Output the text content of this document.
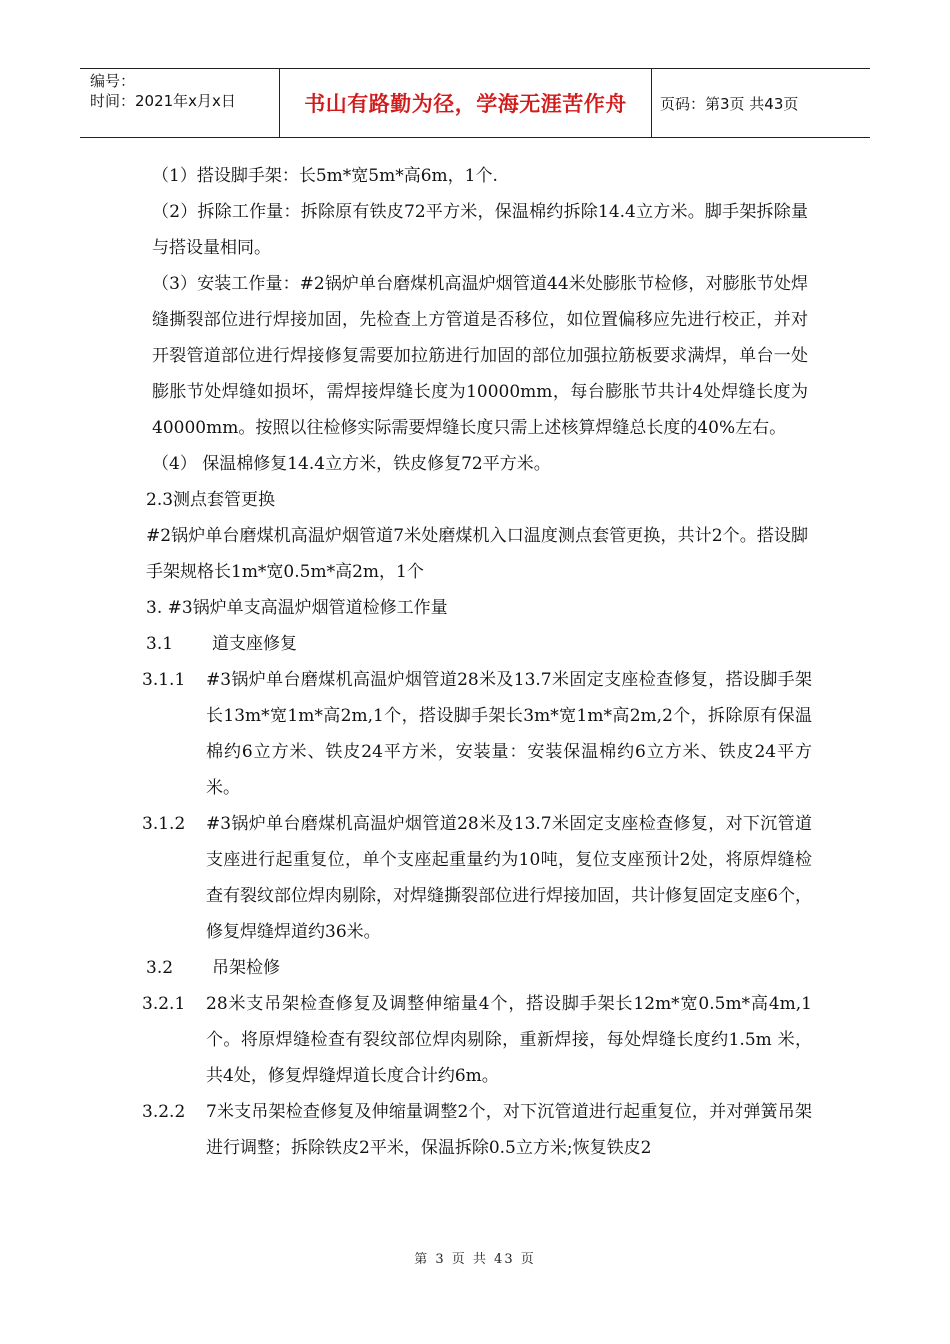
编号：
时间：2021年x月x日	书山有路勤为径，学海无涯苦作舟	页码：第3页 共43页

（1）搭设脚手架：长5m*宽5m*高6m，1个.

（2）拆除工作量：拆除原有铁皮72平方米，保温棉约拆除14.4立方米。脚手架拆除量与搭设量相同。

（3）安装工作量：#2锅炉单台磨煤机高温炉烟管道44米处膨胀节检修，对膨胀节处焊缝撕裂部位进行焊接加固，先检查上方管道是否移位，如位置偏移应先进行校正，并对开裂管道部位进行焊接修复需要加拉筋进行加固的部位加强拉筋板要求满焊，单台一处膨胀节处焊缝如损坏，需焊接焊缝长度为10000mm，每台膨胀节共计4处焊缝长度为40000mm。按照以往检修实际需要焊缝长度只需上述核算焊缝总长度的40%左右。

（4） 保温棉修复14.4立方米，铁皮修复72平方米。

2.3测点套管更换

#2锅炉单台磨煤机高温炉烟管道7米处磨煤机入口温度测点套管更换，共计2个。搭设脚手架规格长1m*宽0.5m*高2m，1个

3. #3锅炉单支高温炉烟管道检修工作量

3.1	道支座修复
3.1.1	#3锅炉单台磨煤机高温炉烟管道28米及13.7米固定支座检查修复，搭设脚手架长13m*宽1m*高2m,1个，搭设脚手架长3m*宽1m*高2m,2个，拆除原有保温棉约6立方米、铁皮24平方米，安装量：安装保温棉约6立方米、铁皮24平方米。
3.1.2	#3锅炉单台磨煤机高温炉烟管道28米及13.7米固定支座检查修复，对下沉管道支座进行起重复位，单个支座起重量约为10吨，复位支座预计2处，将原焊缝检查有裂纹部位焊肉剔除，对焊缝撕裂部位进行焊接加固，共计修复固定支座6个，修复焊缝焊道约36米。
3.2	吊架检修
3.2.1	28米支吊架检查修复及调整伸缩量4个，搭设脚手架长12m*宽0.5m*高4m,1个。将原焊缝检查有裂纹部位焊肉剔除，重新焊接，每处焊缝长度约1.5m 米，共4处，修复焊缝焊道长度合计约6m。
3.2.2	7米支吊架检查修复及伸缩量调整2个，对下沉管道进行起重复位，并对弹簧吊架进行调整；拆除铁皮2平米，保温拆除0.5立方米;恢复铁皮2
第 3 页 共 43 页
